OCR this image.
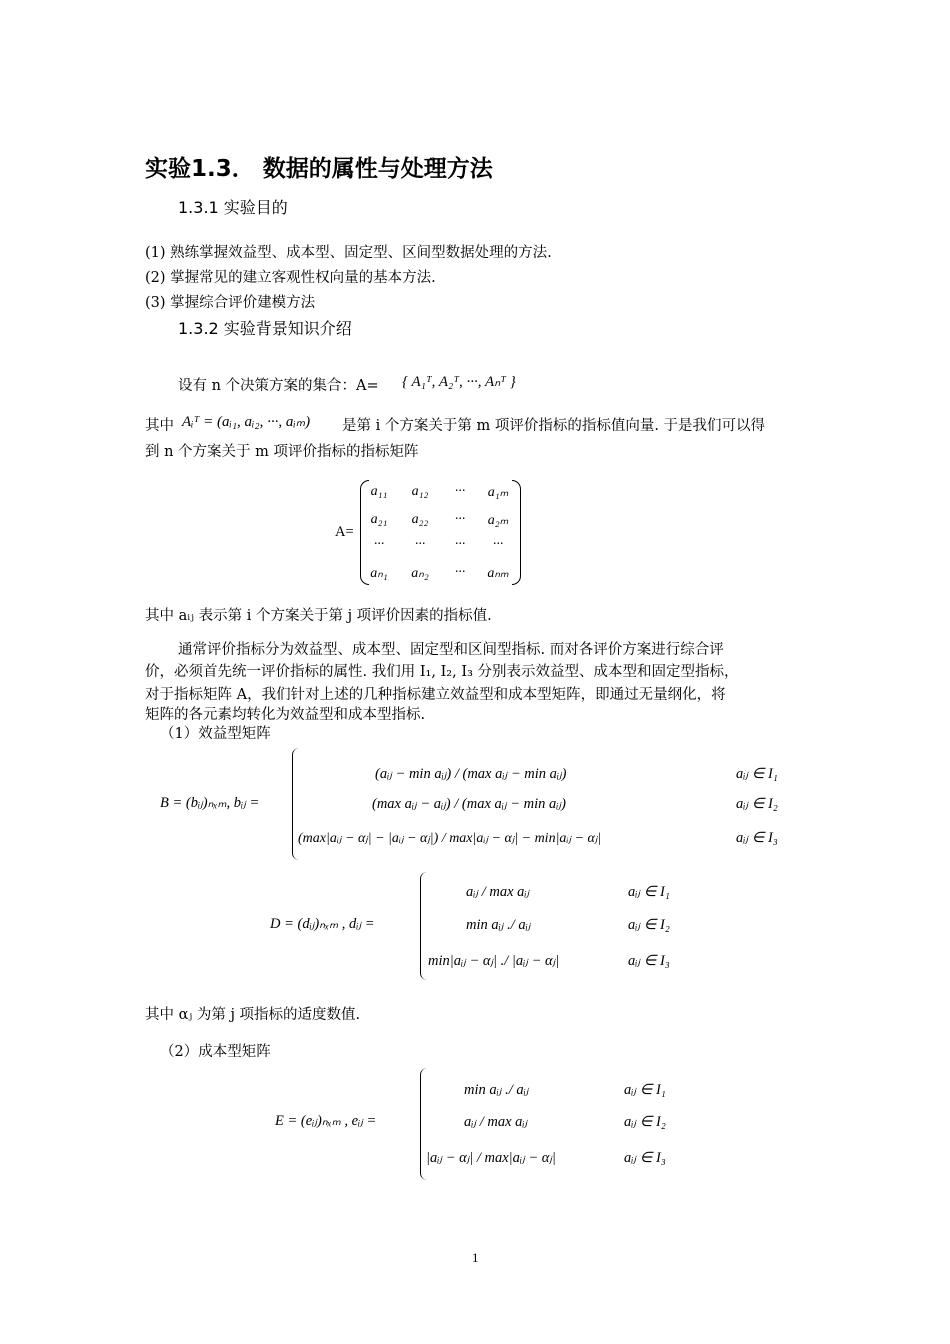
实验1.3． 数据的属性与处理方法
1.3.1 实验目的
(1) 熟练掌握效益型、成本型、固定型、区间型数据处理的方法.
(2) 掌握常见的建立客观性权向量的基本方法.
(3) 掌握综合评价建模方法
1.3.2 实验背景知识介绍
设有 n 个决策方案的集合：A= { A₁ᵀ, A₂ᵀ, ···, Aₙᵀ }
其中 Aᵢᵀ = (aᵢ₁, aᵢ₂, ···, aᵢₘ) 是第 i 个方案关于第 m 项评价指标的指标值向量. 于是我们可以得
到 n 个方案关于 m 项评价指标的指标矩阵
A=
a₁₁	a₁₂	···	a₁ₘ
a₂₁	a₂₂	···	a₂ₘ
···	···	···	···
aₙ₁	aₙ₂	···	aₙₘ
其中 aᵢⱼ 表示第 i 个方案关于第 j 项评价因素的指标值.
通常评价指标分为效益型、成本型、固定型和区间型指标. 而对各评价方案进行综合评
价，必须首先统一评价指标的属性. 我们用 I₁, I₂, I₃ 分别表示效益型、成本型和固定型指标，
对于指标矩阵 A，我们针对上述的几种指标建立效益型和成本型矩阵，即通过无量纲化，将
矩阵的各元素均转化为效益型和成本型指标.
（1）效益型矩阵
B = (bᵢⱼ)ₙₓₘ, bᵢⱼ =
(aᵢⱼ − min aᵢⱼ) / (max aᵢⱼ − min aᵢⱼ)	aᵢⱼ ∈ I₁
(max aᵢⱼ − aᵢⱼ) / (max aᵢⱼ − min aᵢⱼ)	aᵢⱼ ∈ I₂
(max|aᵢⱼ − αⱼ| − |aᵢⱼ − αⱼ|) / max|aᵢⱼ − αⱼ| − min|aᵢⱼ − αⱼ|	aᵢⱼ ∈ I₃
D = (dᵢⱼ)ₙₓₘ , dᵢⱼ =
aᵢⱼ / max aᵢⱼ	aᵢⱼ ∈ I₁
min aᵢⱼ ./ aᵢⱼ	aᵢⱼ ∈ I₂
min|aᵢⱼ − αⱼ| ./ |aᵢⱼ − αⱼ|	aᵢⱼ ∈ I₃
其中 αⱼ 为第 j 项指标的适度数值.
（2）成本型矩阵
E = (eᵢⱼ)ₙₓₘ , eᵢⱼ =
min aᵢⱼ ./ aᵢⱼ	aᵢⱼ ∈ I₁
aᵢⱼ / max aᵢⱼ	aᵢⱼ ∈ I₂
|aᵢⱼ − αⱼ| / max|aᵢⱼ − αⱼ|	aᵢⱼ ∈ I₃
1
